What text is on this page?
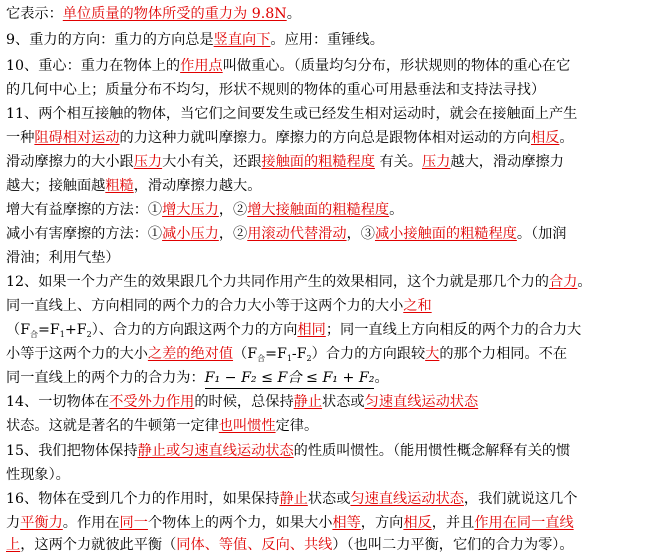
它表示：单位质量的物体所受的重力为 9.8N。
9、重力的方向：重力的方向总是竖直向下。应用：重锤线。
10、重心：重力在物体上的作用点叫做重心。（质量均匀分布，形状规则的物体的重心在它
的几何中心上；质量分布不均匀，形状不规则的物体的重心可用悬垂法和支持法寻找）
11、两个相互接触的物体，当它们之间要发生或已经发生相对运动时，就会在接触面上产生
一种阻碍相对运动的力这种力就叫摩擦力。摩擦力的方向总是跟物体相对运动的方向相反。
滑动摩擦力的大小跟压力大小有关，还跟接触面的粗糙程度 有关。压力越大，滑动摩擦力
越大；接触面越粗糙，滑动摩擦力越大。
增大有益摩擦的方法：①增大压力，②增大接触面的粗糙程度。
减小有害摩擦的方法：①减小压力，②用滚动代替滑动，③减小接触面的粗糙程度。（加润
滑油；利用气垫）
12、如果一个力产生的效果跟几个力共同作用产生的效果相同，这个力就是那几个力的合力。
同一直线上、方向相同的两个力的合力大小等于这两个力的大小之和
$(F_合=F_1+F_2)$、合力的方向跟这两个力的方向相同；同一直线上方向相反的两个力的合力大
小等于这两个力的大小之差的绝对值$(F_合=F_1-F_2)$合力的方向跟较大的那个力相同。不在
同一直线上的两个力的合力为：F₁ − F₂ ≤ F合 ≤ F₁ + F₂。
14、一切物体在不受外力作用的时候，总保持静止状态或匀速直线运动状态
状态。这就是著名的牛顿第一定律也叫惯性定律。
15、我们把物体保持静止或匀速直线运动状态的性质叫惯性。（能用惯性概念解释有关的惯
性现象）。
16、物体在受到几个力的作用时，如果保持静止状态或匀速直线运动状态，我们就说这几个
力平衡力。作用在同一个物体上的两个力，如果大小相等，方向相反，并且作用在同一直线
上，这两个力就彼此平衡（同体、等值、反向、共线）（也叫二力平衡，它们的合力为零）。
